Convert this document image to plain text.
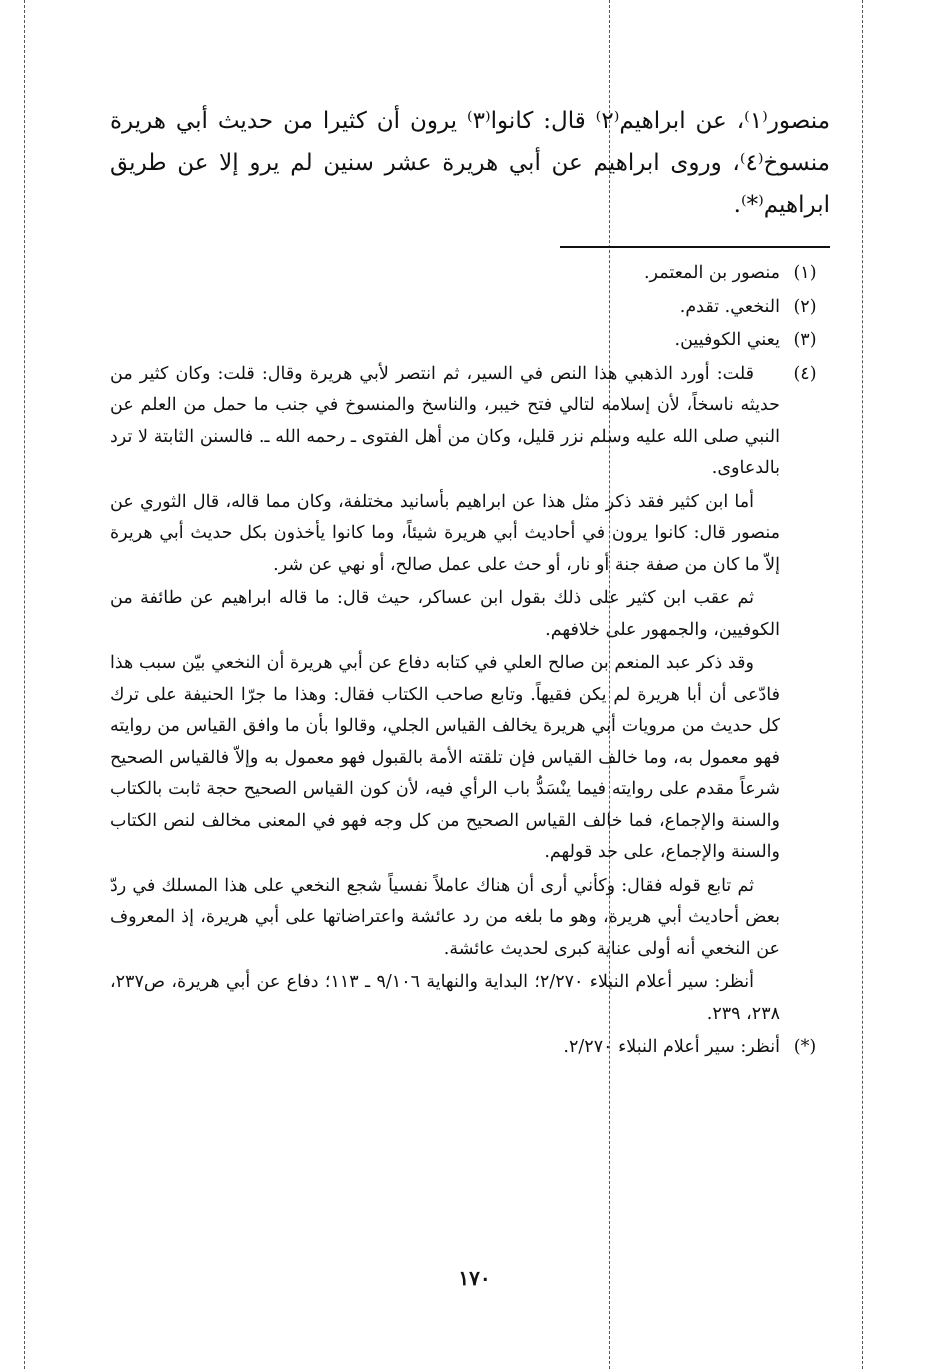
منصور⁽١⁾، عن ابراهيم⁽٢⁾ قال: كانوا⁽٣⁾ يرون أن كثيرا من حديث أبي هريرة منسوخ⁽٤⁾، وروى ابراهيم عن أبي هريرة عشر سنين لم يرو إلا عن طريق ابراهيم⁽*⁾.

(١)

منصور بن المعتمر.

(٢)

النخعي. تقدم.

(٣)

يعني الكوفيين.

(٤)

قلت: أورد الذهبي هذا النص في السير، ثم انتصر لأبي هريرة وقال: قلت: وكان كثير من حديثه ناسخاً، لأن إسلامه لتالي فتح خيبر، والناسخ والمنسوخ في جنب ما حمل من العلم عن النبي صلى الله عليه وسلم نزر قليل، وكان من أهل الفتوى ـ رحمه الله ـ. فالسنن الثابتة لا ترد بالدعاوى.

أما ابن كثير فقد ذكر مثل هذا عن ابراهيم بأسانيد مختلفة، وكان مما قاله، قال الثوري عن منصور قال: كانوا يرون في أحاديث أبي هريرة شيئاً، وما كانوا يأخذون بكل حديث أبي هريرة إلاّ ما كان من صفة جنة أو نار، أو حث على عمل صالح، أو نهي عن شر.

ثم عقب ابن كثير على ذلك بقول ابن عساكر، حيث قال: ما قاله ابراهيم عن طائفة من الكوفيين، والجمهور على خلافهم.

وقد ذكر عبد المنعم بن صالح العلي في كتابه دفاع عن أبي هريرة أن النخعي بيّن سبب هذا فادّعى أن أبا هريرة لم يكن فقيهاً. وتابع صاحب الكتاب فقال: وهذا ما جرّا الحنيفة على ترك كل حديث من مرويات أبي هريرة يخالف القياس الجلي، وقالوا بأن ما وافق القياس من روايته فهو معمول به، وما خالف القياس فإن تلقته الأمة بالقبول فهو معمول به وإلاّ فالقياس الصحيح شرعاً مقدم على روايته فيما ينْسَدُّ باب الرأي فيه، لأن كون القياس الصحيح حجة ثابت بالكتاب والسنة والإجماع، فما خالف القياس الصحيح من كل وجه فهو في المعنى مخالف لنص الكتاب والسنة والإجماع، على حد قولهم.

ثم تابع قوله فقال: وكأني أرى أن هناك عاملاً نفسياً شجع النخعي على هذا المسلك في ردّ بعض أحاديث أبي هريرة، وهو ما بلغه من رد عائشة واعتراضاتها على أبي هريرة، إذ المعروف عن النخعي أنه أولى عناية كبرى لحديث عائشة.

أنظر: سير أعلام النبلاء ٢/٢٧٠؛ البداية والنهاية ٩/١٠٦ ـ ١١٣؛ دفاع عن أبي هريرة، ص٢٣٧، ٢٣٨، ٢٣٩.

(*)

أنظر: سير أعلام النبلاء ٢/٢٧٠.

١٧٠
